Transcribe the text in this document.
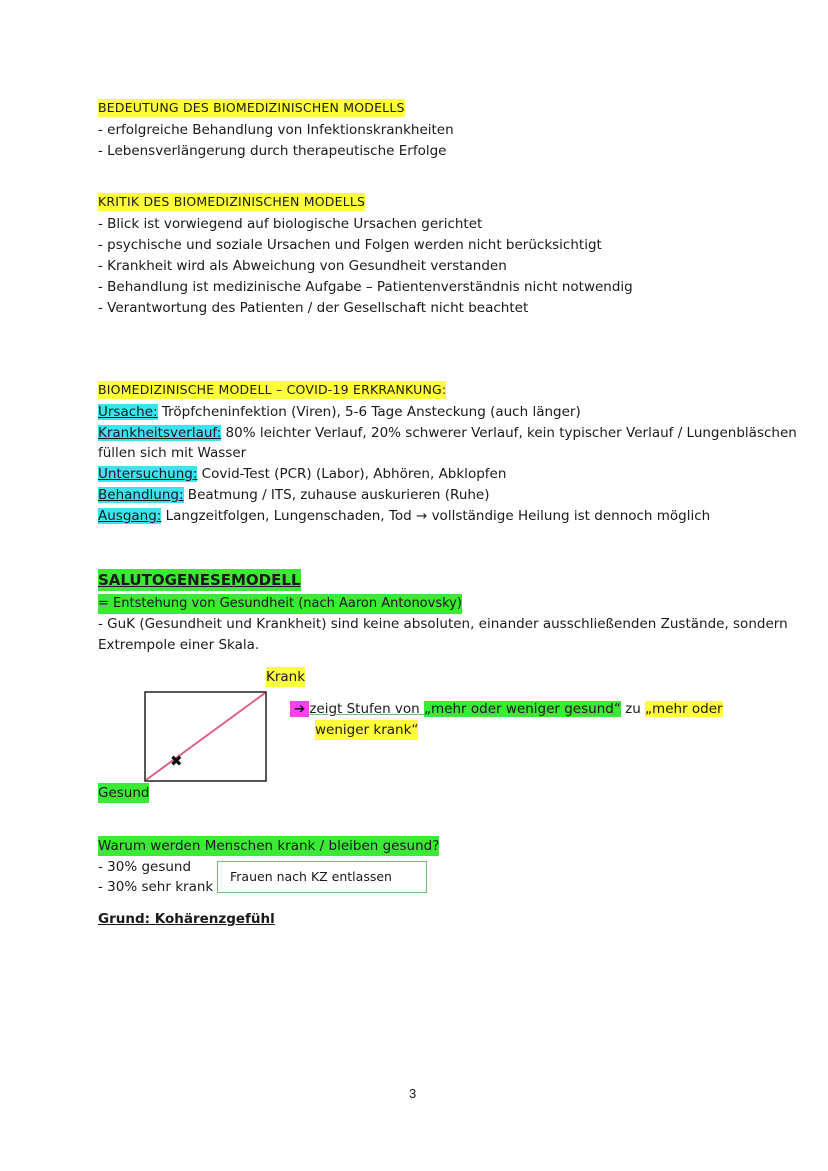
BEDEUTUNG DES BIOMEDIZINISCHEN MODELLS
- erfolgreiche Behandlung von Infektionskrankheiten
- Lebensverlängerung durch therapeutische Erfolge
KRITIK DES BIOMEDIZINISCHEN MODELLS
- Blick ist vorwiegend auf biologische Ursachen gerichtet
- psychische und soziale Ursachen und Folgen werden nicht berücksichtigt
- Krankheit wird als Abweichung von Gesundheit verstanden
- Behandlung ist medizinische Aufgabe – Patientenverständnis nicht notwendig
- Verantwortung des Patienten / der Gesellschaft nicht beachtet
BIOMEDIZINISCHE MODELL – COVID-19 ERKRANKUNG:
Ursache: Tröpfcheninfektion (Viren), 5-6 Tage Ansteckung (auch länger)
Krankheitsverlauf: 80% leichter Verlauf, 20% schwerer Verlauf, kein typischer Verlauf / Lungenbläschen
füllen sich mit Wasser
Untersuchung: Covid-Test (PCR) (Labor), Abhören, Abklopfen
Behandlung: Beatmung / ITS, zuhause auskurieren (Ruhe)
Ausgang: Langzeitfolgen, Lungenschaden, Tod → vollständige Heilung ist dennoch möglich
SALUTOGENESEMODELL
= Entstehung von Gesundheit (nach Aaron Antonovsky)
- GuK (Gesundheit und Krankheit) sind keine absoluten, einander ausschließenden Zustände, sondern
Extrempole einer Skala.
Krank
✖
Gesund
➔ zeigt Stufen von „mehr oder weniger gesund“ zu „mehr oder
weniger krank“
Warum werden Menschen krank / bleiben gesund?
- 30% gesund
- 30% sehr krank
Frauen nach KZ entlassen
Grund: Kohärenzgefühl
3
